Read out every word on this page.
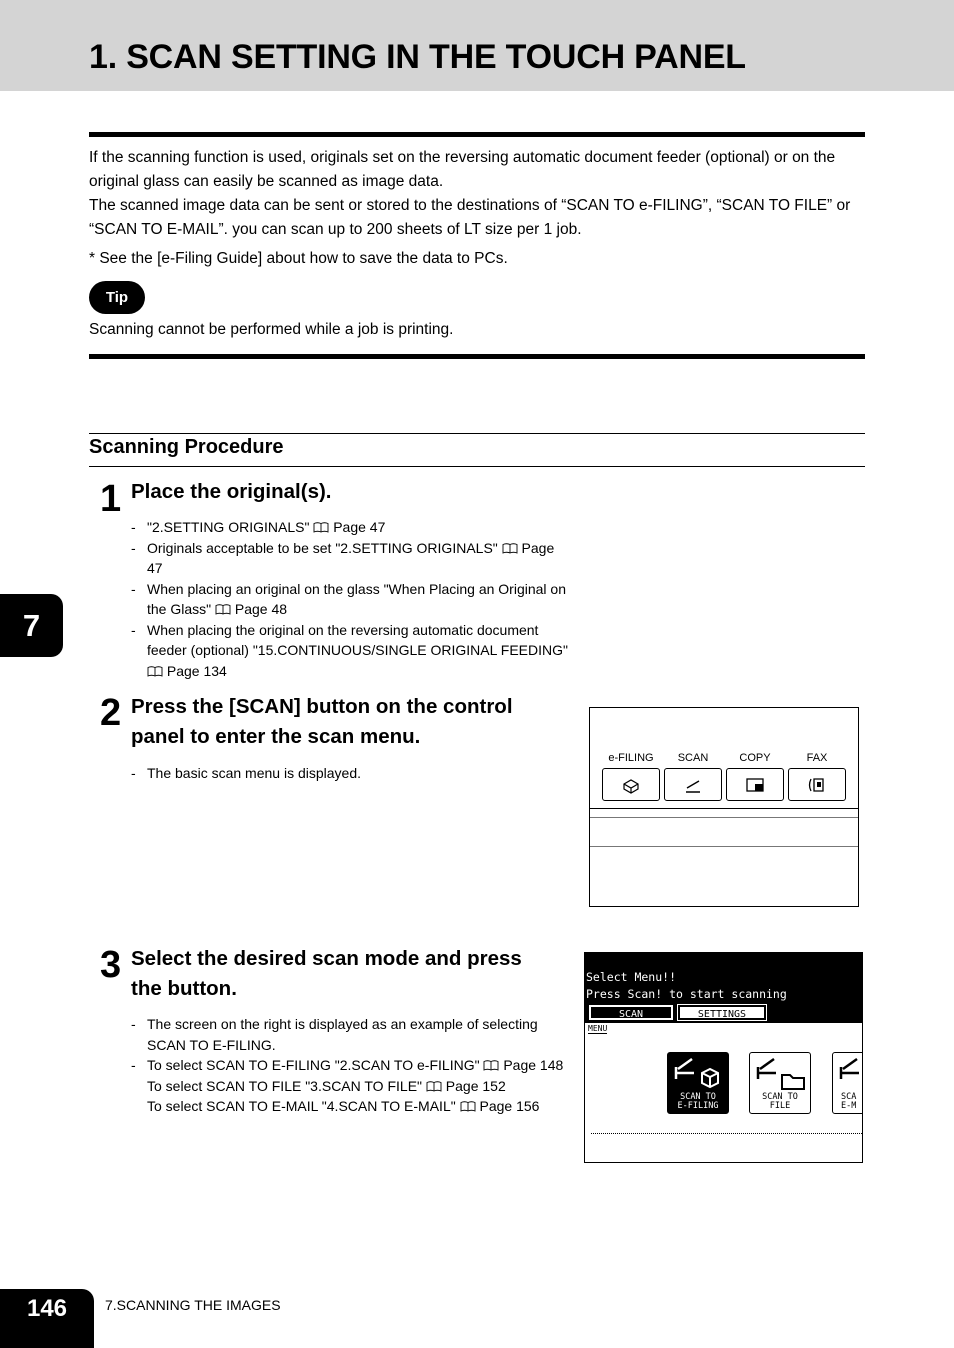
1. SCAN SETTING IN THE TOUCH PANEL

If the scanning function is used, originals set on the reversing automatic document feeder (optional) or on the original glass can easily be scanned as image data.

The scanned image data can be sent or stored to the destinations of “SCAN TO e-FILING”, “SCAN TO FILE” or “SCAN TO E-MAIL”. you can scan up to 200 sheets of LT size per 1 job.

* See the [e-Filing Guide] about how to save the data to PCs.

Tip
Scanning cannot be performed while a job is printing.
Scanning Procedure
7
1 Place the original(s).
- "2.SETTING ORIGINALS" Page 47
- Originals acceptable to be set "2.SETTING ORIGINALS" Page 47
- When placing an original on the glass "When Placing an Original on the Glass" Page 48
- When placing the original on the reversing automatic document feeder (optional) "15.CONTINUOUS/SINGLE ORIGINAL FEEDING"  Page 134
2 Press the [SCAN] button on the control
panel to enter the scan menu.
- The basic scan menu is displayed.
e-FILING	SCAN	COPY	FAX
3 Select the desired scan mode and press
the button.
- The screen on the right is displayed as an example of selecting SCAN TO E-FILING.
- To select SCAN TO E-FILING "2.SCAN TO e-FILING" Page 148
To select SCAN TO FILE "3.SCAN TO FILE" Page 152
To select SCAN TO E-MAIL "4.SCAN TO E-MAIL" Page 156
Select Menu!!
Press Scan! to start scanning
SCAN	SETTINGS
MENU
SCAN TO
E-FILING
SCAN TO
FILE
SCA
E-M
146	7.SCANNING THE IMAGES
